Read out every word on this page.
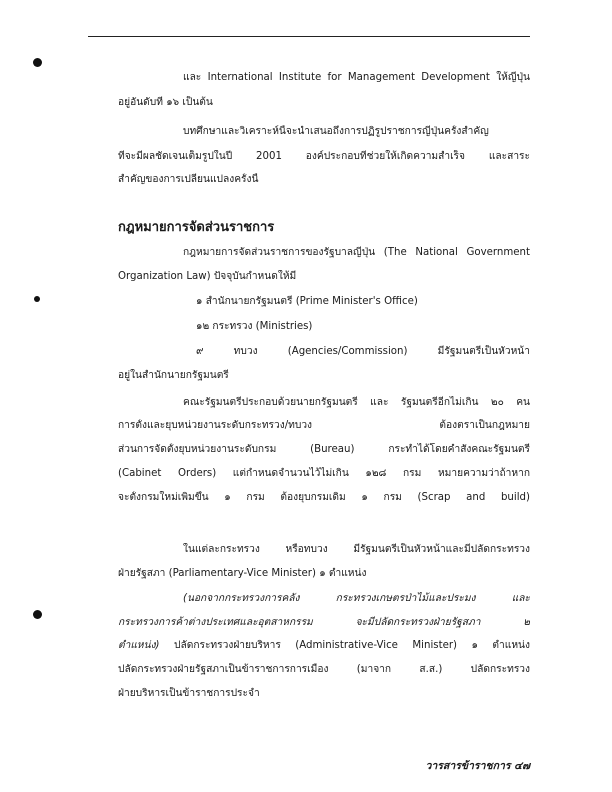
และ International Institute for Management Development ให้ญี่ปุ่น

อยู่อันดับที่ ๑๖ เป็นต้น

บทศึกษาและวิเคราะห์นี้จะนำเสนอถึงการปฏิรูปราชการญี่ปุ่นครั้งสำคัญ

ที่จะมีผลชัดเจนเต็มรูปในปี 2001 องค์ประกอบที่ช่วยให้เกิดความสำเร็จ และสาระ

สำคัญของการเปลี่ยนแปลงครั้งนี้

กฎหมายการจัดส่วนราชการ

กฎหมายการจัดส่วนราชการของรัฐบาลญี่ปุ่น (The National Government

Organization Law) ปัจจุบันกำหนดให้มี

๑ สำนักนายกรัฐมนตรี (Prime Minister's Office)

๑๒ กระทรวง (Ministries)

๙ ทบวง (Agencies/Commission) มีรัฐมนตรีเป็นหัวหน้า

อยู่ในสำนักนายกรัฐมนตรี

คณะรัฐมนตรีประกอบด้วยนายกรัฐมนตรี และ รัฐมนตรีอีกไม่เกิน ๒๐ คน

การตั้งและยุบหน่วยงานระดับกระทรวง/ทบวง ต้องตราเป็นกฎหมาย

ส่วนการจัดตั้งยุบหน่วยงานระดับกรม (Bureau) กระทำได้โดยคำสั่งคณะรัฐมนตรี

(Cabinet Orders) แต่กำหนดจำนวนไว้ไม่เกิน ๑๒๘ กรม หมายความว่าถ้าหาก

จะตั้งกรมใหม่เพิ่มขึ้น ๑ กรม ต้องยุบกรมเดิม ๑ กรม (Scrap and build)

ในแต่ละกระทรวง หรือทบวง มีรัฐมนตรีเป็นหัวหน้าและมีปลัดกระทรวง

ฝ่ายรัฐสภา (Parliamentary-Vice Minister) ๑ ตำแหน่ง

(นอกจากกระทรวงการคลัง กระทรวงเกษตรป่าไม้และประมง และ

กระทรวงการค้าต่างประเทศและอุตสาหกรรม จะมีปลัดกระทรวงฝ่ายรัฐสภา ๒

ตำแหน่ง) ปลัดกระทรวงฝ่ายบริหาร (Administrative-Vice Minister) ๑ ตำแหน่ง

ปลัดกระทรวงฝ่ายรัฐสภาเป็นข้าราชการการเมือง (มาจาก ส.ส.) ปลัดกระทรวง

ฝ่ายบริหารเป็นข้าราชการประจำ

วารสารข้าราชการ ๔๗
